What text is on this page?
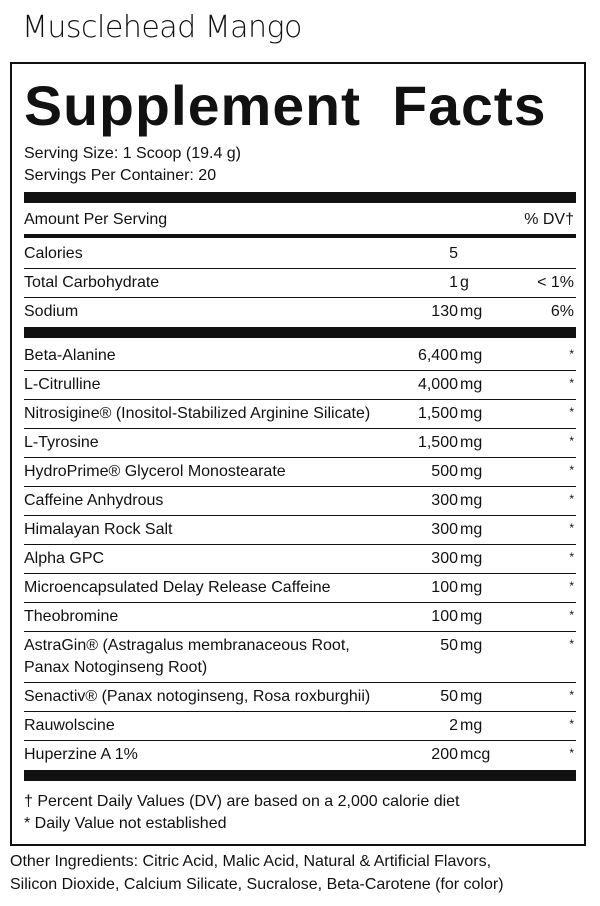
Musclehead Mango
Supplement Facts
Serving Size: 1 Scoop (19.4 g)
Servings Per Container: 20
Amount Per Serving	% DV†
Calories	5
Total Carbohydrate	1 g	< 1%
Sodium	130 mg	6%
Beta-Alanine	6,400 mg	*
L-Citrulline	4,000 mg	*
Nitrosigine® (Inositol-Stabilized Arginine Silicate)	1,500 mg	*
L-Tyrosine	1,500 mg	*
HydroPrime® Glycerol Monostearate	500 mg	*
Caffeine Anhydrous	300 mg	*
Himalayan Rock Salt	300 mg	*
Alpha GPC	300 mg	*
Microencapsulated Delay Release Caffeine	100 mg	*
Theobromine	100 mg	*
AstraGin® (Astragalus membranaceous Root,
Panax Notoginseng Root)
50 mg	*
Senactiv® (Panax notoginseng, Rosa roxburghii)	50 mg	*
Rauwolscine	2 mg	*
Huperzine A 1%	200 mcg	*
† Percent Daily Values (DV) are based on a 2,000 calorie diet
* Daily Value not established
Other Ingredients: Citric Acid, Malic Acid, Natural & Artificial Flavors,
Silicon Dioxide, Calcium Silicate, Sucralose, Beta-Carotene (for color)
